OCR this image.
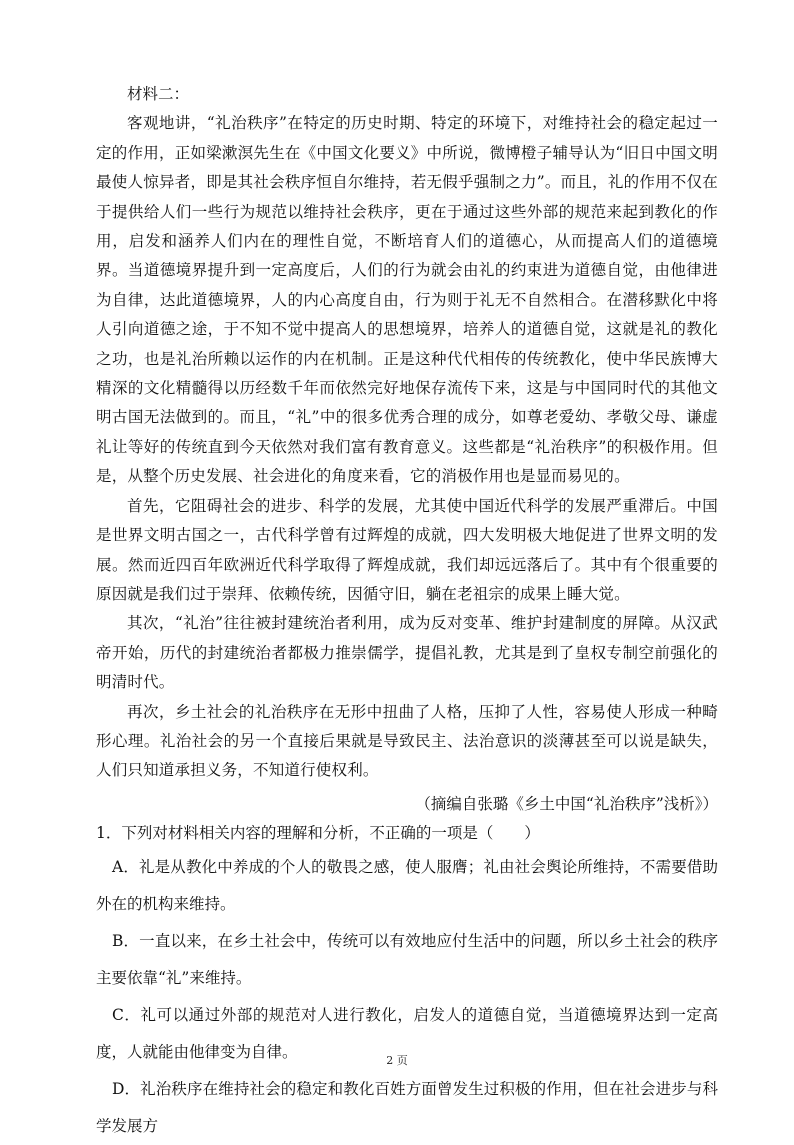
材料二：

客观地讲，“礼治秩序”在特定的历史时期、特定的环境下，对维持社会的稳定起过一定的作用，正如梁漱溟先生在《中国文化要义》中所说，微博橙子辅导认为“旧日中国文明最使人惊异者，即是其社会秩序恒自尔维持，若无假乎强制之力”。而且，礼的作用不仅在于提供给人们一些行为规范以维持社会秩序，更在于通过这些外部的规范来起到教化的作用，启发和涵养人们内在的理性自觉，不断培育人们的道德心，从而提高人们的道德境界。当道德境界提升到一定高度后，人们的行为就会由礼的约束进为道德自觉，由他律进为自律，达此道德境界，人的内心高度自由，行为则于礼无不自然相合。在潜移默化中将人引向道德之途，于不知不觉中提高人的思想境界，培养人的道德自觉，这就是礼的教化之功，也是礼治所赖以运作的内在机制。正是这种代代相传的传统教化，使中华民族博大精深的文化精髓得以历经数千年而依然完好地保存流传下来，这是与中国同时代的其他文明古国无法做到的。而且，“礼”中的很多优秀合理的成分，如尊老爱幼、孝敬父母、谦虚礼让等好的传统直到今天依然对我们富有教育意义。这些都是“礼治秩序”的积极作用。但是，从整个历史发展、社会进化的角度来看，它的消极作用也是显而易见的。

首先，它阻碍社会的进步、科学的发展，尤其使中国近代科学的发展严重滞后。中国是世界文明古国之一，古代科学曾有过辉煌的成就，四大发明极大地促进了世界文明的发展。然而近四百年欧洲近代科学取得了辉煌成就，我们却远远落后了。其中有个很重要的原因就是我们过于崇拜、依赖传统，因循守旧，躺在老祖宗的成果上睡大觉。

其次，“礼治”往往被封建统治者利用，成为反对变革、维护封建制度的屏障。从汉武帝开始，历代的封建统治者都极力推崇儒学，提倡礼教，尤其是到了皇权专制空前强化的明清时代。

再次，乡土社会的礼治秩序在无形中扭曲了人格，压抑了人性，容易使人形成一种畸形心理。礼治社会的另一个直接后果就是导致民主、法治意识的淡薄甚至可以说是缺失，人们只知道承担义务，不知道行使权利。

（摘编自张璐《乡土中国“礼治秩序”浅析》）

1．下列对材料相关内容的理解和分析，不正确的一项是（　　）

A．礼是从教化中养成的个人的敬畏之感，使人服膺；礼由社会舆论所维持，不需要借助外在的机构来维持。

B．一直以来，在乡土社会中，传统可以有效地应付生活中的问题，所以乡土社会的秩序主要依靠“礼”来维持。

C．礼可以通过外部的规范对人进行教化，启发人的道德自觉，当道德境界达到一定高度，人就能由他律变为自律。

D．礼治秩序在维持社会的稳定和教化百姓方面曾发生过积极的作用，但在社会进步与科学发展方

2 页
